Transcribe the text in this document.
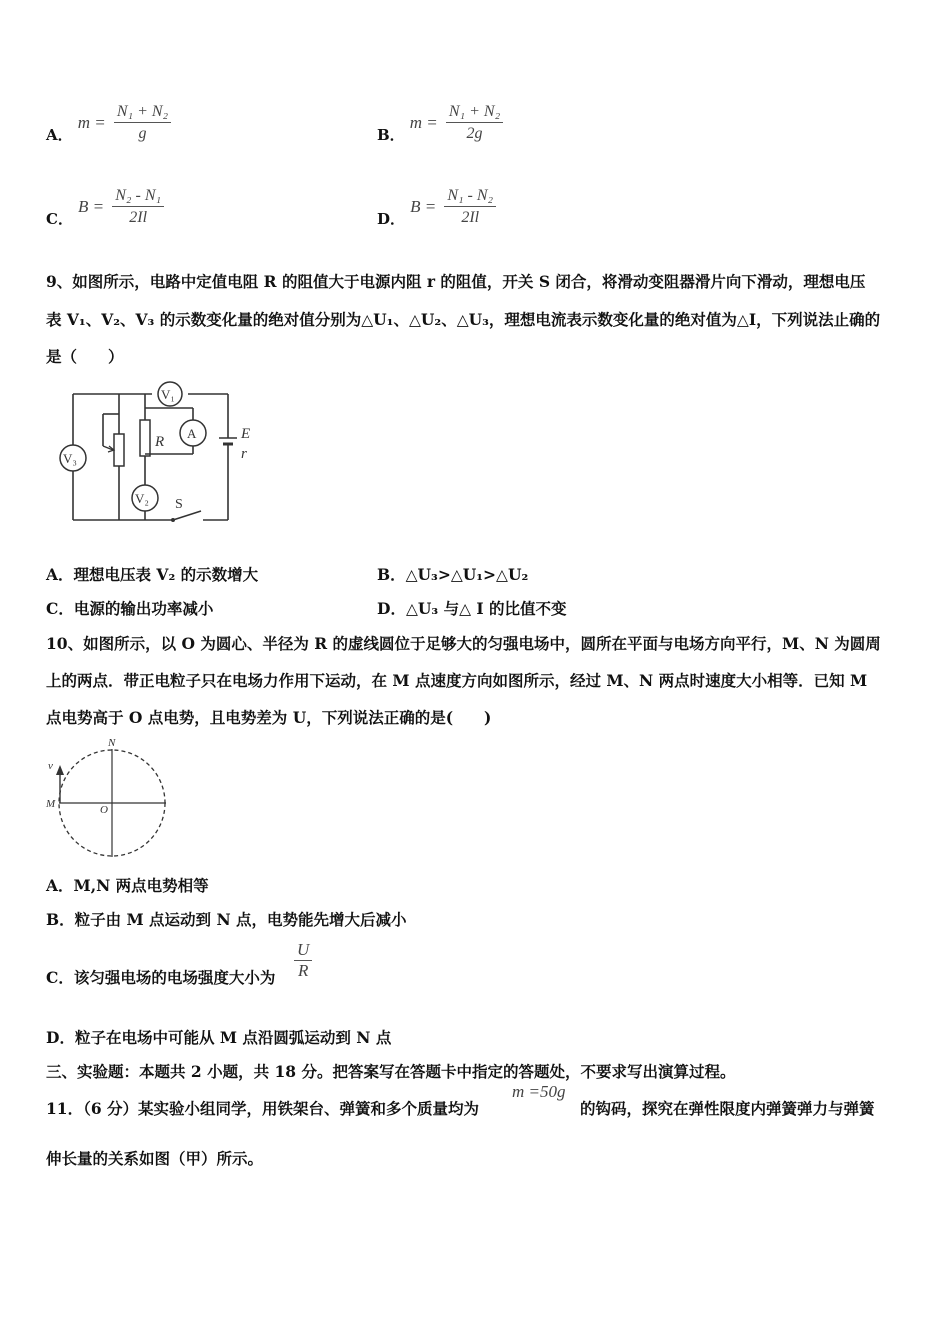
A． $m = \frac{\text{N₁ + N₂}}{g}$	B． $m = \frac{\text{N₁ + N₂}}{2g}$
C． $B = \frac{\text{N₂ - N₁}}{2Il}$	D． $B = \frac{\text{N₁ - N₂}}{2Il}$
9、如图所示，电路中定值电阻 R 的阻值大于电源内阻 r 的阻值，开关 S 闭合，将滑动变阻器滑片向下滑动，理想电压
表 V₁、V₂、V₃ 的示数变化量的绝对值分别为△U₁、△U₂、△U₃，理想电流表示数变化量的绝对值为△I，下列说法止确的
是（　　）
R
V₁
A	E
r
V₃
V₂ S
A．理想电压表 V₂ 的示数增大	B．△U₃>△U₁>△U₂
C．电源的输出功率减小	D．△U₃ 与△ I 的比值不变
10、如图所示，以 O 为圆心、半径为 R 的虚线圆位于足够大的匀强电场中，圆所在平面与电场方向平行，M、N 为圆周
上的两点．带正电粒子只在电场力作用下运动，在 M 点速度方向如图所示，经过 M、N 两点时速度大小相等．已知 M
点电势高于 O 点电势，且电势差为 U，下列说法正确的是(　　)
N
v
M	O
A．M,N 两点电势相等
B．粒子由 M 点运动到 N 点，电势能先增大后减小
C．该匀强电场的电场强度大小为 $\frac{U}{R}$
D．粒子在电场中可能从 M 点沿圆弧运动到 N 点
三、实验题：本题共 2 小题，共 18 分。把答案写在答题卡中指定的答题处，不要求写出演算过程。
11．（6 分）某实验小组同学，用铁架台、弹簧和多个质量均为
m =50g
的钩码，探究在弹性限度内弹簧弹力与弹簧
伸长量的关系如图（甲）所示。
